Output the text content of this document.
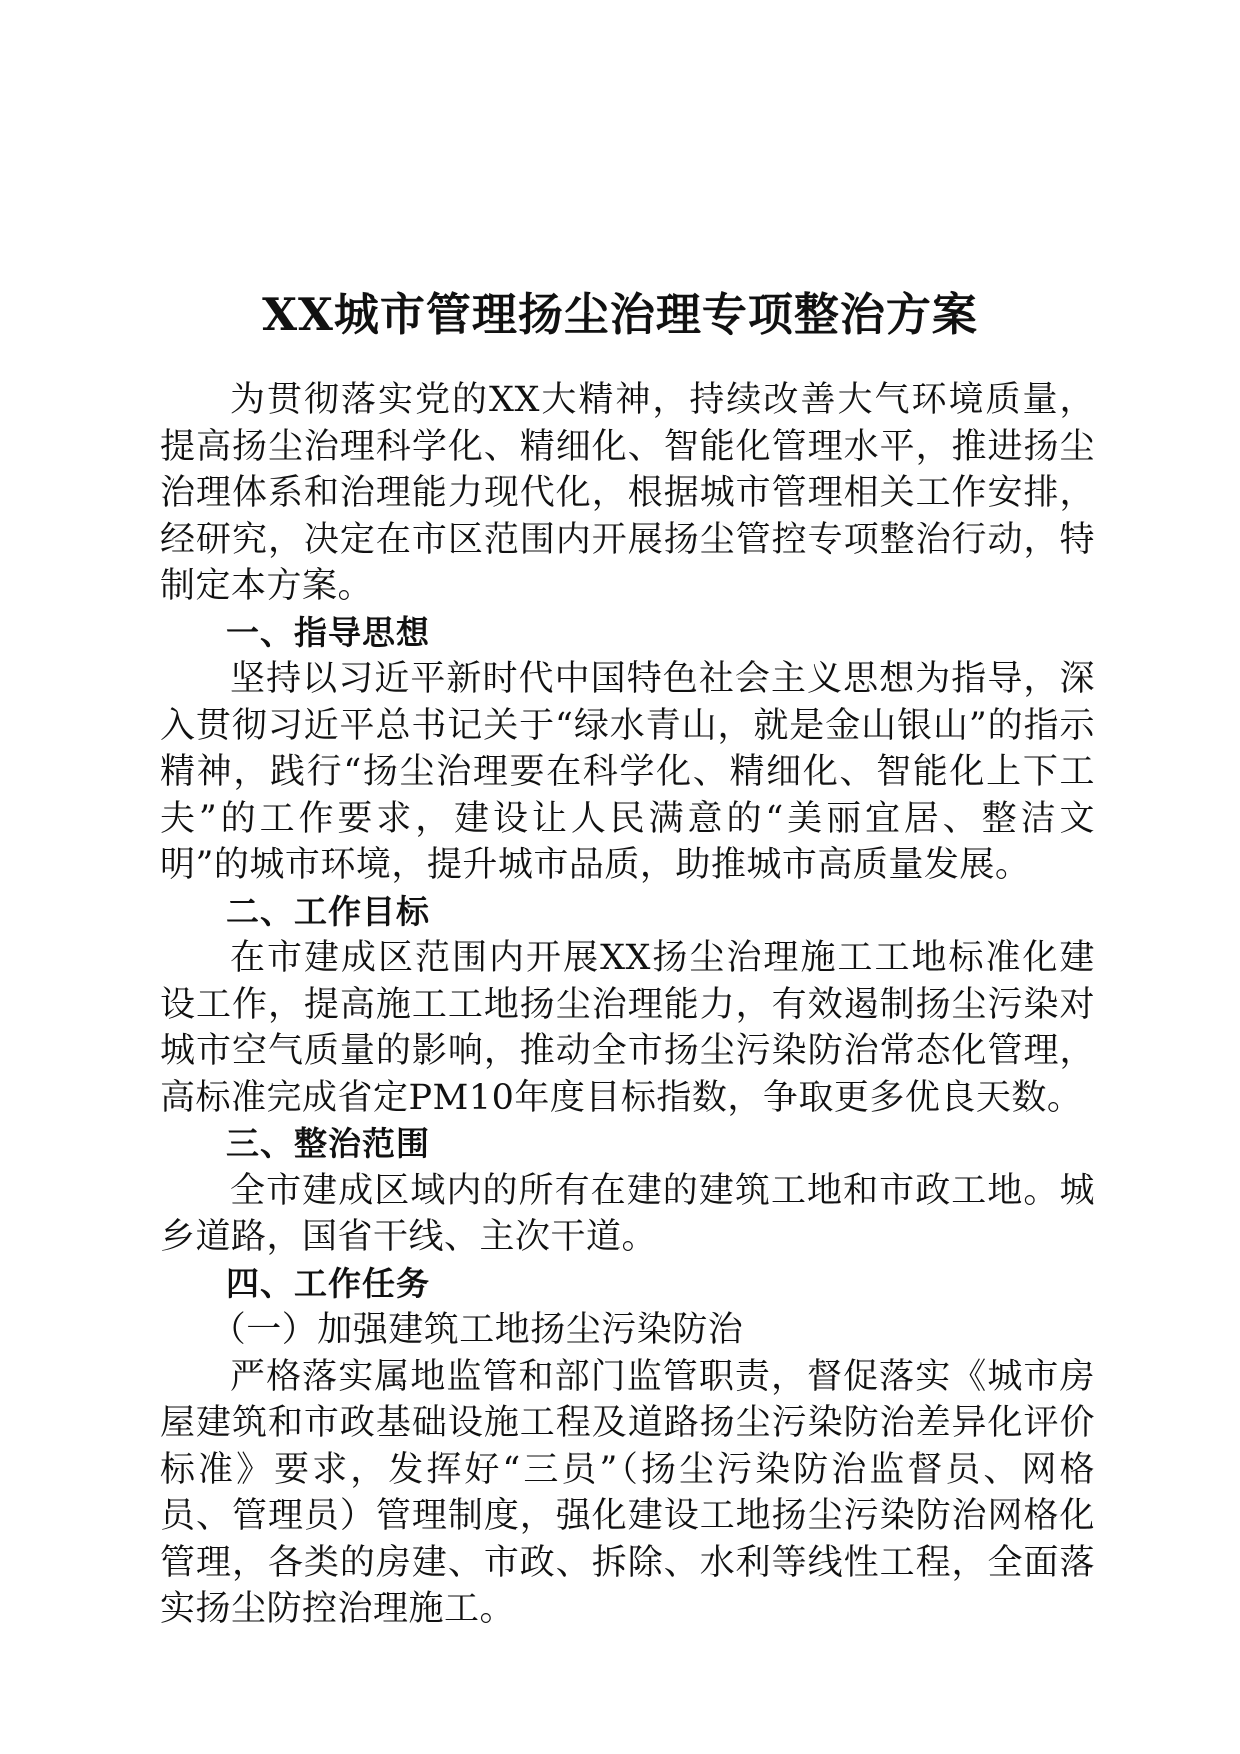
XX城市管理扬尘治理专项整治方案

为贯彻落实党的XX大精神，持续改善大气环境质量，提高扬尘治理科学化、精细化、智能化管理水平，推进扬尘治理体系和治理能力现代化，根据城市管理相关工作安排，经研究，决定在市区范围内开展扬尘管控专项整治行动，特制定本方案。

一、指导思想

坚持以习近平新时代中国特色社会主义思想为指导，深入贯彻习近平总书记关于“绿水青山，就是金山银山”的指示精神，践行“扬尘治理要在科学化、精细化、智能化上下工夫”的工作要求，建设让人民满意的“美丽宜居、整洁文明”的城市环境，提升城市品质，助推城市高质量发展。

二、工作目标

在市建成区范围内开展XX扬尘治理施工工地标准化建设工作，提高施工工地扬尘治理能力，有效遏制扬尘污染对城市空气质量的影响，推动全市扬尘污染防治常态化管理，高标准完成省定PM10年度目标指数，争取更多优良天数。

三、整治范围

全市建成区域内的所有在建的建筑工地和市政工地。城乡道路，国省干线、主次干道。

四、工作任务

（一）加强建筑工地扬尘污染防治

严格落实属地监管和部门监管职责，督促落实《城市房屋建筑和市政基础设施工程及道路扬尘污染防治差异化评价标准》要求，发挥好“三员”（扬尘污染防治监督员、网格员、管理员）管理制度，强化建设工地扬尘污染防治网格化管理，各类的房建、市政、拆除、水利等线性工程，全面落实扬尘防控治理施工。
